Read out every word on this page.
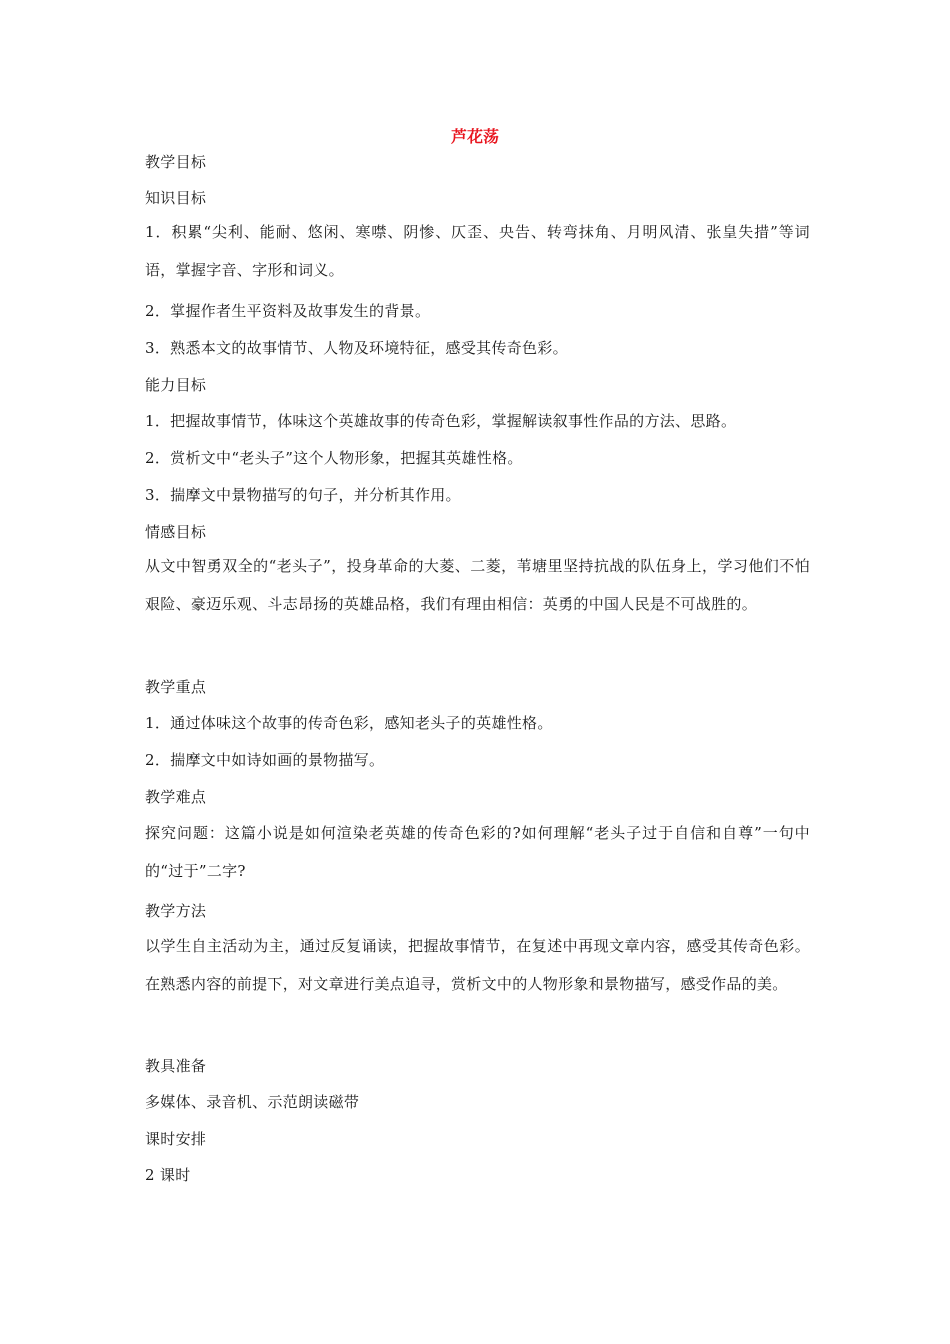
芦花荡
教学目标
知识目标
1．积累“尖利、能耐、悠闲、寒噤、阴惨、仄歪、央告、转弯抹角、月明风清、张皇失措”等词语，掌握字音、字形和词义。
2．掌握作者生平资料及故事发生的背景。
3．熟悉本文的故事情节、人物及环境特征，感受其传奇色彩。
能力目标
1．把握故事情节，体味这个英雄故事的传奇色彩，掌握解读叙事性作品的方法、思路。
2．赏析文中“老头子”这个人物形象，把握其英雄性格。
3．揣摩文中景物描写的句子，并分析其作用。
情感目标
从文中智勇双全的“老头子”，投身革命的大菱、二菱，苇塘里坚持抗战的队伍身上，学习他们不怕艰险、豪迈乐观、斗志昂扬的英雄品格，我们有理由相信：英勇的中国人民是不可战胜的。
教学重点
1．通过体味这个故事的传奇色彩，感知老头子的英雄性格。
2．揣摩文中如诗如画的景物描写。
教学难点
探究问题：这篇小说是如何渲染老英雄的传奇色彩的?如何理解“老头子过于自信和自尊”一句中的“过于”二字?
教学方法
以学生自主活动为主，通过反复诵读，把握故事情节，在复述中再现文章内容，感受其传奇色彩。在熟悉内容的前提下，对文章进行美点追寻，赏析文中的人物形象和景物描写，感受作品的美。
教具准备
多媒体、录音机、示范朗读磁带
课时安排
2 课时
